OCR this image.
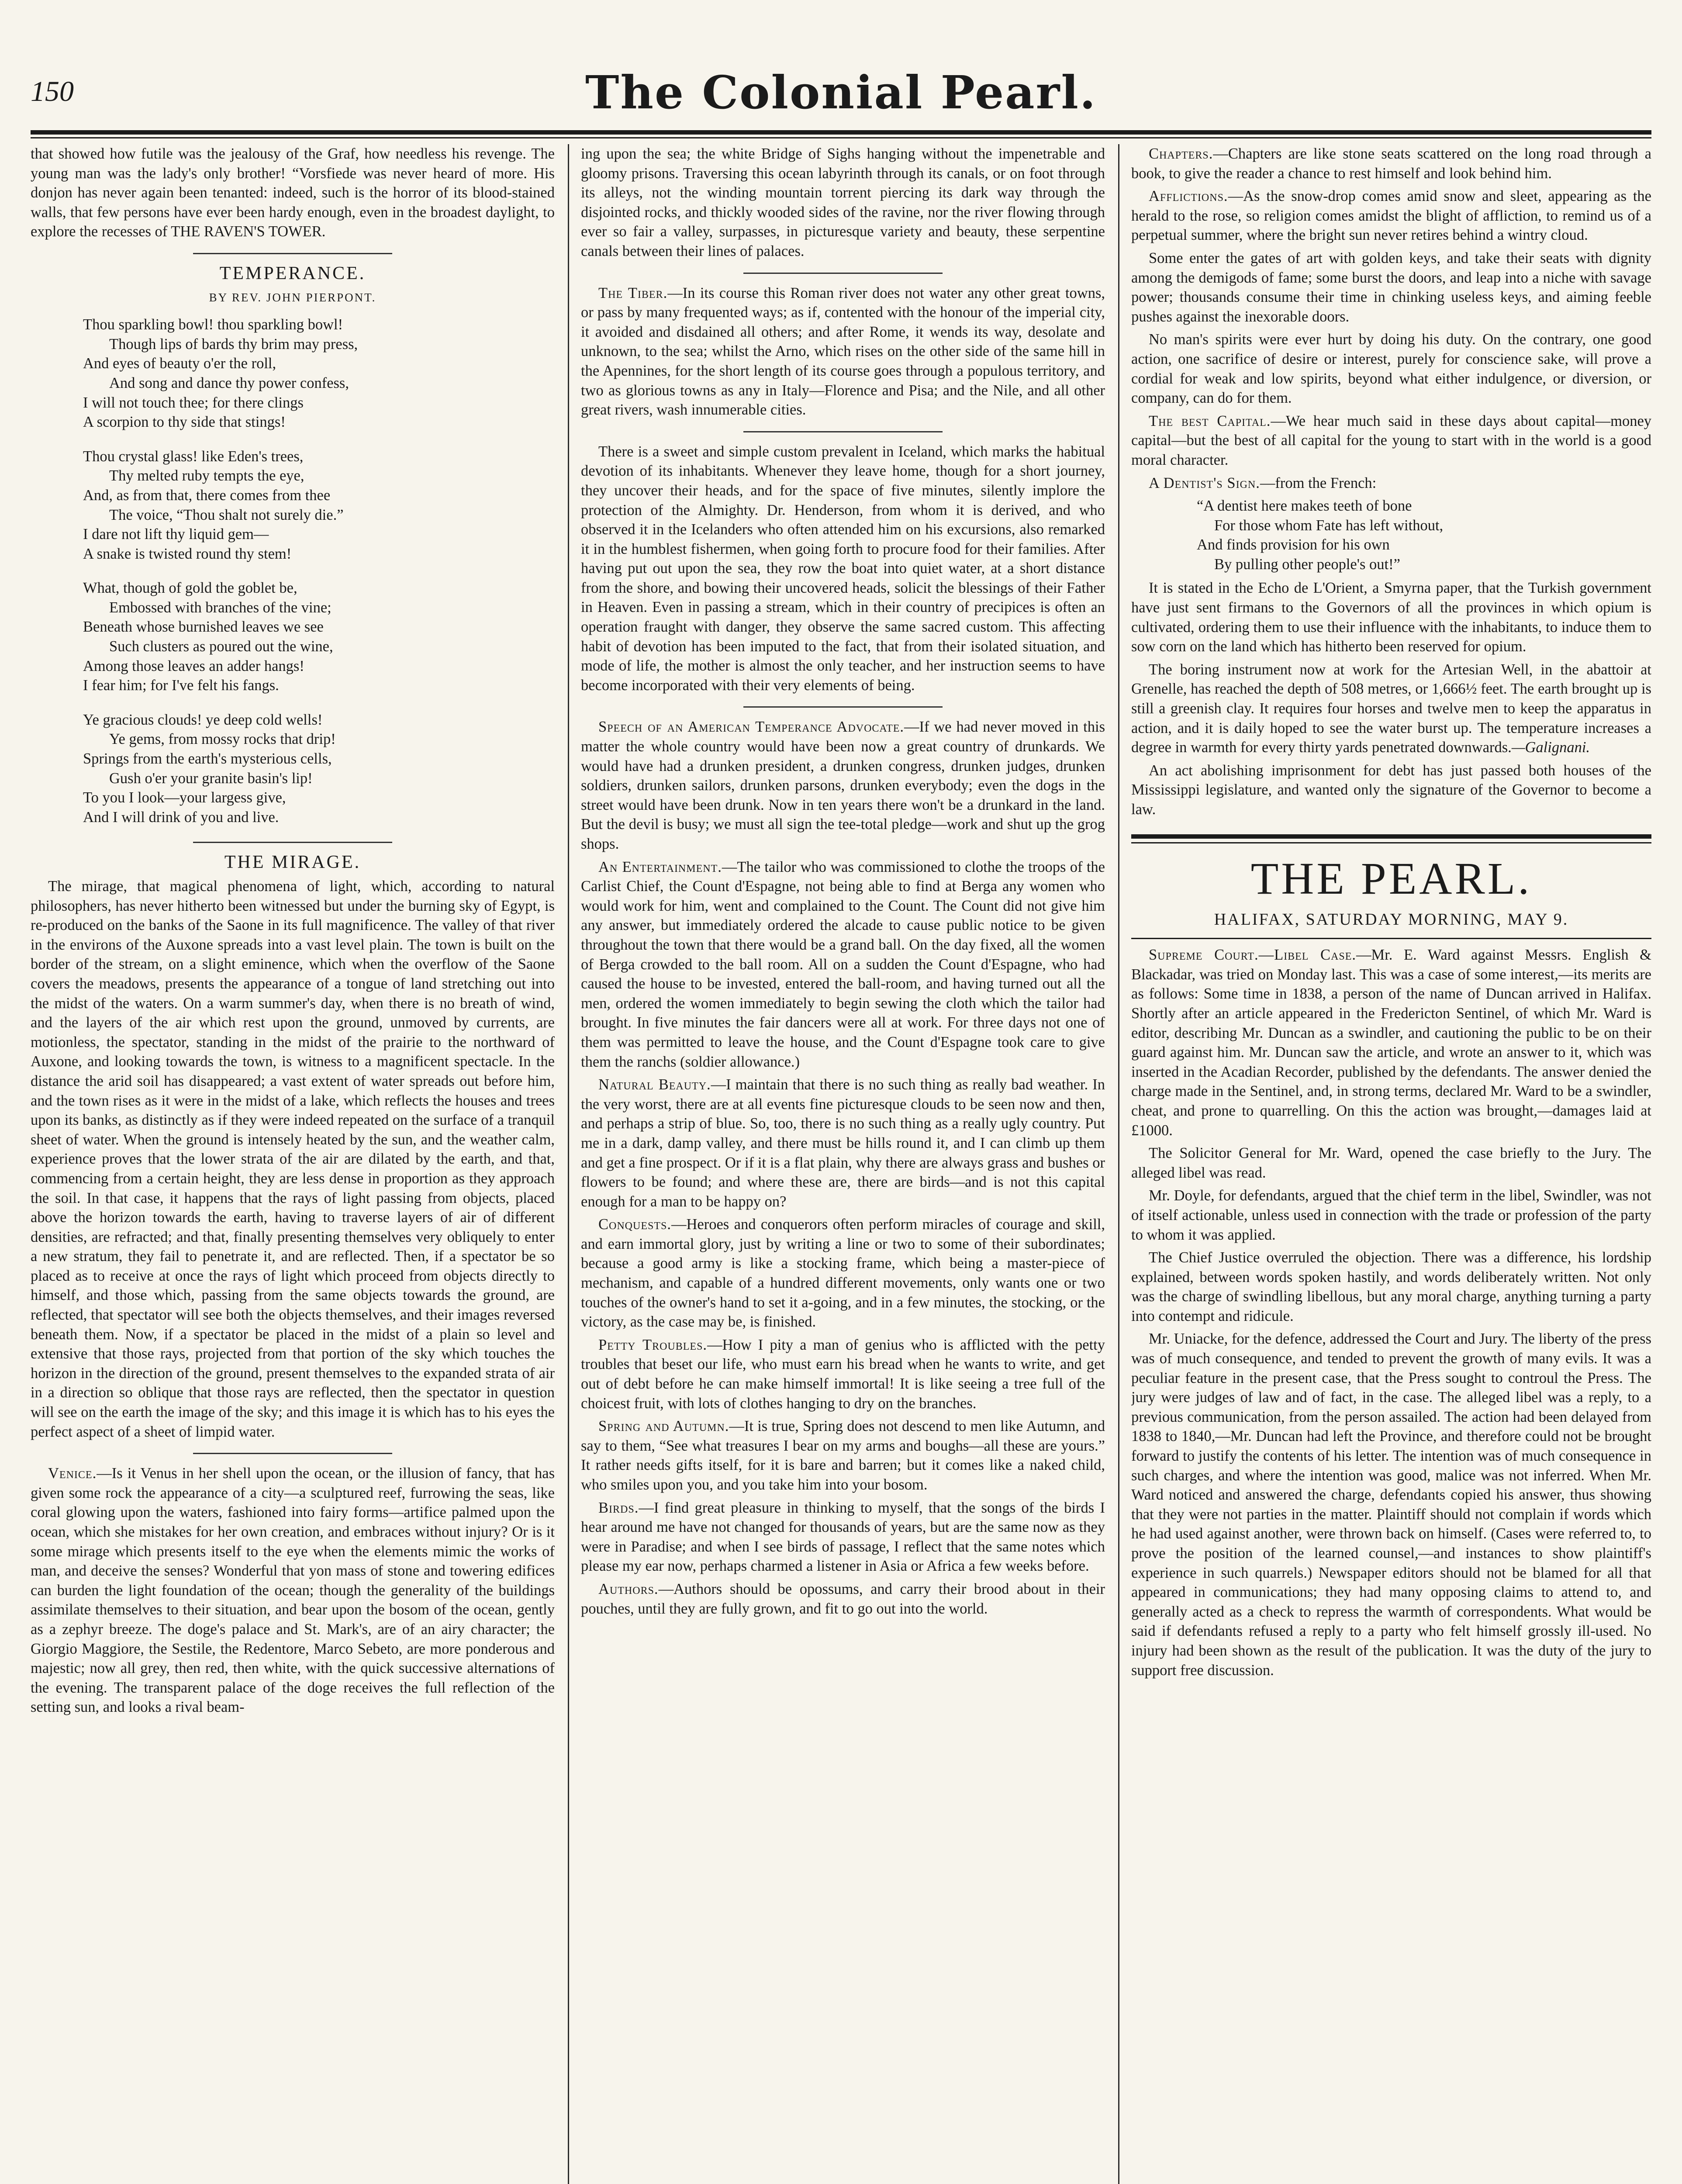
150	The Colonial Pearl.

that showed how futile was the jealousy of the Graf, how needless his revenge. The young man was the lady's only brother! “Vorsfiede was never heard of more. His donjon has never again been tenanted: indeed, such is the horror of its blood-stained walls, that few persons have ever been hardy enough, even in the broadest daylight, to explore the recesses of THE RAVEN'S TOWER.

TEMPERANCE.
BY REV. JOHN PIERPONT.
Thou sparkling bowl! thou sparkling bowl!
Though lips of bards thy brim may press,
And eyes of beauty o'er the roll,
And song and dance thy power confess,
I will not touch thee; for there clings
A scorpion to thy side that stings!
Thou crystal glass! like Eden's trees,
Thy melted ruby tempts the eye,
And, as from that, there comes from thee
The voice, “Thou shalt not surely die.”
I dare not lift thy liquid gem—
A snake is twisted round thy stem!
What, though of gold the goblet be,
Embossed with branches of the vine;
Beneath whose burnished leaves we see
Such clusters as poured out the wine,
Among those leaves an adder hangs!
I fear him; for I've felt his fangs.
Ye gracious clouds! ye deep cold wells!
Ye gems, from mossy rocks that drip!
Springs from the earth's mysterious cells,
Gush o'er your granite basin's lip!
To you I look—your largess give,
And I will drink of you and live.
THE MIRAGE.

The mirage, that magical phenomena of light, which, according to natural philosophers, has never hitherto been witnessed but under the burning sky of Egypt, is re-produced on the banks of the Saone in its full magnificence. The valley of that river in the environs of the Auxone spreads into a vast level plain. The town is built on the border of the stream, on a slight eminence, which when the overflow of the Saone covers the meadows, presents the appearance of a tongue of land stretching out into the midst of the waters. On a warm summer's day, when there is no breath of wind, and the layers of the air which rest upon the ground, unmoved by currents, are motionless, the spectator, standing in the midst of the prairie to the northward of Auxone, and looking towards the town, is witness to a magnificent spectacle. In the distance the arid soil has disappeared; a vast extent of water spreads out before him, and the town rises as it were in the midst of a lake, which reflects the houses and trees upon its banks, as distinctly as if they were indeed repeated on the surface of a tranquil sheet of water. When the ground is intensely heated by the sun, and the weather calm, experience proves that the lower strata of the air are dilated by the earth, and that, commencing from a certain height, they are less dense in proportion as they approach the soil. In that case, it happens that the rays of light passing from objects, placed above the horizon towards the earth, having to traverse layers of air of different densities, are refracted; and that, finally presenting themselves very obliquely to enter a new stratum, they fail to penetrate it, and are reflected. Then, if a spectator be so placed as to receive at once the rays of light which proceed from objects directly to himself, and those which, passing from the same objects towards the ground, are reflected, that spectator will see both the objects themselves, and their images reversed beneath them. Now, if a spectator be placed in the midst of a plain so level and extensive that those rays, projected from that portion of the sky which touches the horizon in the direction of the ground, present themselves to the expanded strata of air in a direction so oblique that those rays are reflected, then the spectator in question will see on the earth the image of the sky; and this image it is which has to his eyes the perfect aspect of a sheet of limpid water.

Venice.—Is it Venus in her shell upon the ocean, or the illusion of fancy, that has given some rock the appearance of a city—a sculptured reef, furrowing the seas, like coral glowing upon the waters, fashioned into fairy forms—artifice palmed upon the ocean, which she mistakes for her own creation, and embraces without injury? Or is it some mirage which presents itself to the eye when the elements mimic the works of man, and deceive the senses? Wonderful that yon mass of stone and towering edifices can burden the light foundation of the ocean; though the generality of the buildings assimilate themselves to their situation, and bear upon the bosom of the ocean, gently as a zephyr breeze. The doge's palace and St. Mark's, are of an airy character; the Giorgio Maggiore, the Sestile, the Redentore, Marco Sebeto, are more ponderous and majestic; now all grey, then red, then white, with the quick successive alternations of the evening. The transparent palace of the doge receives the full reflection of the setting sun, and looks a rival beam-

ing upon the sea; the white Bridge of Sighs hanging without the impenetrable and gloomy prisons. Traversing this ocean labyrinth through its canals, or on foot through its alleys, not the winding mountain torrent piercing its dark way through the disjointed rocks, and thickly wooded sides of the ravine, nor the river flowing through ever so fair a valley, surpasses, in picturesque variety and beauty, these serpentine canals between their lines of palaces.

The Tiber.—In its course this Roman river does not water any other great towns, or pass by many frequented ways; as if, contented with the honour of the imperial city, it avoided and disdained all others; and after Rome, it wends its way, desolate and unknown, to the sea; whilst the Arno, which rises on the other side of the same hill in the Apennines, for the short length of its course goes through a populous territory, and two as glorious towns as any in Italy—Florence and Pisa; and the Nile, and all other great rivers, wash innumerable cities.

There is a sweet and simple custom prevalent in Iceland, which marks the habitual devotion of its inhabitants. Whenever they leave home, though for a short journey, they uncover their heads, and for the space of five minutes, silently implore the protection of the Almighty. Dr. Henderson, from whom it is derived, and who observed it in the Icelanders who often attended him on his excursions, also remarked it in the humblest fishermen, when going forth to procure food for their families. After having put out upon the sea, they row the boat into quiet water, at a short distance from the shore, and bowing their uncovered heads, solicit the blessings of their Father in Heaven. Even in passing a stream, which in their country of precipices is often an operation fraught with danger, they observe the same sacred custom. This affecting habit of devotion has been imputed to the fact, that from their isolated situation, and mode of life, the mother is almost the only teacher, and her instruction seems to have become incorporated with their very elements of being.

Speech of an American Temperance Advocate.—If we had never moved in this matter the whole country would have been now a great country of drunkards. We would have had a drunken president, a drunken congress, drunken judges, drunken soldiers, drunken sailors, drunken parsons, drunken everybody; even the dogs in the street would have been drunk. Now in ten years there won't be a drunkard in the land. But the devil is busy; we must all sign the tee-total pledge—work and shut up the grog shops.

An Entertainment.—The tailor who was commissioned to clothe the troops of the Carlist Chief, the Count d'Espagne, not being able to find at Berga any women who would work for him, went and complained to the Count. The Count did not give him any answer, but immediately ordered the alcade to cause public notice to be given throughout the town that there would be a grand ball. On the day fixed, all the women of Berga crowded to the ball room. All on a sudden the Count d'Espagne, who had caused the house to be invested, entered the ball-room, and having turned out all the men, ordered the women immediately to begin sewing the cloth which the tailor had brought. In five minutes the fair dancers were all at work. For three days not one of them was permitted to leave the house, and the Count d'Espagne took care to give them the ranchs (soldier allowance.)

Natural Beauty.—I maintain that there is no such thing as really bad weather. In the very worst, there are at all events fine picturesque clouds to be seen now and then, and perhaps a strip of blue. So, too, there is no such thing as a really ugly country. Put me in a dark, damp valley, and there must be hills round it, and I can climb up them and get a fine prospect. Or if it is a flat plain, why there are always grass and bushes or flowers to be found; and where these are, there are birds—and is not this capital enough for a man to be happy on?

Conquests.—Heroes and conquerors often perform miracles of courage and skill, and earn immortal glory, just by writing a line or two to some of their subordinates; because a good army is like a stocking frame, which being a master-piece of mechanism, and capable of a hundred different movements, only wants one or two touches of the owner's hand to set it a-going, and in a few minutes, the stocking, or the victory, as the case may be, is finished.

Petty Troubles.—How I pity a man of genius who is afflicted with the petty troubles that beset our life, who must earn his bread when he wants to write, and get out of debt before he can make himself immortal! It is like seeing a tree full of the choicest fruit, with lots of clothes hanging to dry on the branches.

Spring and Autumn.—It is true, Spring does not descend to men like Autumn, and say to them, “See what treasures I bear on my arms and boughs—all these are yours.” It rather needs gifts itself, for it is bare and barren; but it comes like a naked child, who smiles upon you, and you take him into your bosom.

Birds.—I find great pleasure in thinking to myself, that the songs of the birds I hear around me have not changed for thousands of years, but are the same now as they were in Paradise; and when I see birds of passage, I reflect that the same notes which please my ear now, perhaps charmed a listener in Asia or Africa a few weeks before.

Authors.—Authors should be opossums, and carry their brood about in their pouches, until they are fully grown, and fit to go out into the world.

Chapters.—Chapters are like stone seats scattered on the long road through a book, to give the reader a chance to rest himself and look behind him.

Afflictions.—As the snow-drop comes amid snow and sleet, appearing as the herald to the rose, so religion comes amidst the blight of affliction, to remind us of a perpetual summer, where the bright sun never retires behind a wintry cloud.

Some enter the gates of art with golden keys, and take their seats with dignity among the demigods of fame; some burst the doors, and leap into a niche with savage power; thousands consume their time in chinking useless keys, and aiming feeble pushes against the inexorable doors.

No man's spirits were ever hurt by doing his duty. On the contrary, one good action, one sacrifice of desire or interest, purely for conscience sake, will prove a cordial for weak and low spirits, beyond what either indulgence, or diversion, or company, can do for them.

The best Capital.—We hear much said in these days about capital—money capital—but the best of all capital for the young to start with in the world is a good moral character.

A Dentist's Sign.—from the French:

“A dentist here makes teeth of bone
For those whom Fate has left without,
And finds provision for his own
By pulling other people's out!”

It is stated in the Echo de L'Orient, a Smyrna paper, that the Turkish government have just sent firmans to the Governors of all the provinces in which opium is cultivated, ordering them to use their influence with the inhabitants, to induce them to sow corn on the land which has hitherto been reserved for opium.

The boring instrument now at work for the Artesian Well, in the abattoir at Grenelle, has reached the depth of 508 metres, or 1,666½ feet. The earth brought up is still a greenish clay. It requires four horses and twelve men to keep the apparatus in action, and it is daily hoped to see the water burst up. The temperature increases a degree in warmth for every thirty yards penetrated downwards.—Galignani.

An act abolishing imprisonment for debt has just passed both houses of the Mississippi legislature, and wanted only the signature of the Governor to become a law.

THE PEARL.
HALIFAX, SATURDAY MORNING, MAY 9.

Supreme Court.—Libel Case.—Mr. E. Ward against Messrs. English & Blackadar, was tried on Monday last. This was a case of some interest,—its merits are as follows: Some time in 1838, a person of the name of Duncan arrived in Halifax. Shortly after an article appeared in the Fredericton Sentinel, of which Mr. Ward is editor, describing Mr. Duncan as a swindler, and cautioning the public to be on their guard against him. Mr. Duncan saw the article, and wrote an answer to it, which was inserted in the Acadian Recorder, published by the defendants. The answer denied the charge made in the Sentinel, and, in strong terms, declared Mr. Ward to be a swindler, cheat, and prone to quarrelling. On this the action was brought,—damages laid at £1000.

The Solicitor General for Mr. Ward, opened the case briefly to the Jury. The alleged libel was read.

Mr. Doyle, for defendants, argued that the chief term in the libel, Swindler, was not of itself actionable, unless used in connection with the trade or profession of the party to whom it was applied.

The Chief Justice overruled the objection. There was a difference, his lordship explained, between words spoken hastily, and words deliberately written. Not only was the charge of swindling libellous, but any moral charge, anything turning a party into contempt and ridicule.

Mr. Uniacke, for the defence, addressed the Court and Jury. The liberty of the press was of much consequence, and tended to prevent the growth of many evils. It was a peculiar feature in the present case, that the Press sought to controul the Press. The jury were judges of law and of fact, in the case. The alleged libel was a reply, to a previous communication, from the person assailed. The action had been delayed from 1838 to 1840,—Mr. Duncan had left the Province, and therefore could not be brought forward to justify the contents of his letter. The intention was of much consequence in such charges, and where the intention was good, malice was not inferred. When Mr. Ward noticed and answered the charge, defendants copied his answer, thus showing that they were not parties in the matter. Plaintiff should not complain if words which he had used against another, were thrown back on himself. (Cases were referred to, to prove the position of the learned counsel,—and instances to show plaintiff's experience in such quarrels.) Newspaper editors should not be blamed for all that appeared in communications; they had many opposing claims to attend to, and generally acted as a check to repress the warmth of correspondents. What would be said if defendants refused a reply to a party who felt himself grossly ill-used. No injury had been shown as the result of the publication. It was the duty of the jury to support free discussion.
